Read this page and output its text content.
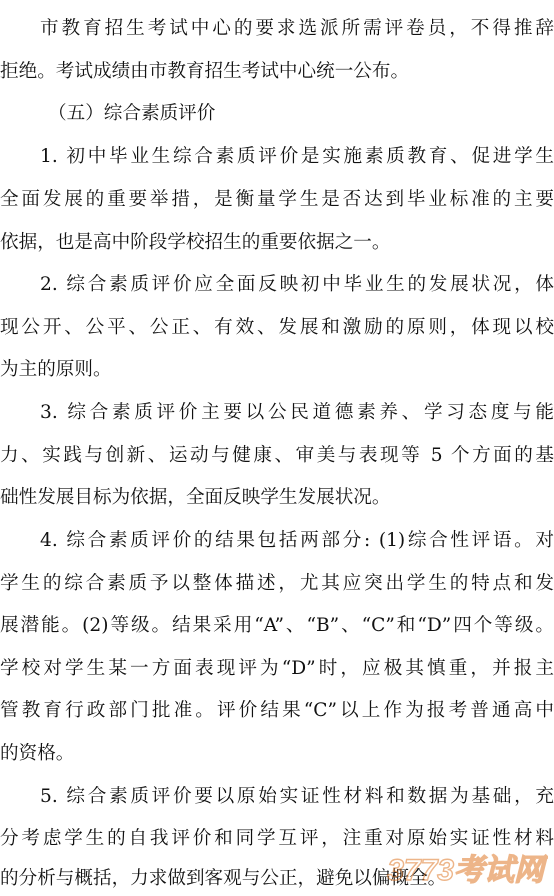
市教育招生考试中心的要求选派所需评卷员，不得推辞
拒绝。考试成绩由市教育招生考试中心统一公布。
（五）综合素质评价
1. 初中毕业生综合素质评价是实施素质教育、促进学生
全面发展的重要举措，是衡量学生是否达到毕业标准的主要
依据，也是高中阶段学校招生的重要依据之一。
2. 综合素质评价应全面反映初中毕业生的发展状况，体
现公开、公平、公正、有效、发展和激励的原则，体现以校
为主的原则。
3. 综合素质评价主要以公民道德素养、学习态度与能
力、实践与创新、运动与健康、审美与表现等 5 个方面的基
础性发展目标为依据，全面反映学生发展状况。
4. 综合素质评价的结果包括两部分: (1)综合性评语。对
学生的综合素质予以整体描述，尤其应突出学生的特点和发
展潜能。(2)等级。结果采用“A”、“B”、“C”和“D”四个等级。
学校对学生某一方面表现评为“D”时，应极其慎重，并报主
管教育行政部门批准。评价结果“C”以上作为报考普通高中
的资格。
5. 综合素质评价要以原始实证性材料和数据为基础，充
分考虑学生的自我评价和同学互评，注重对原始实证性材料
的分析与概括，力求做到客观与公正，避免以偏概全。
3773考试网
